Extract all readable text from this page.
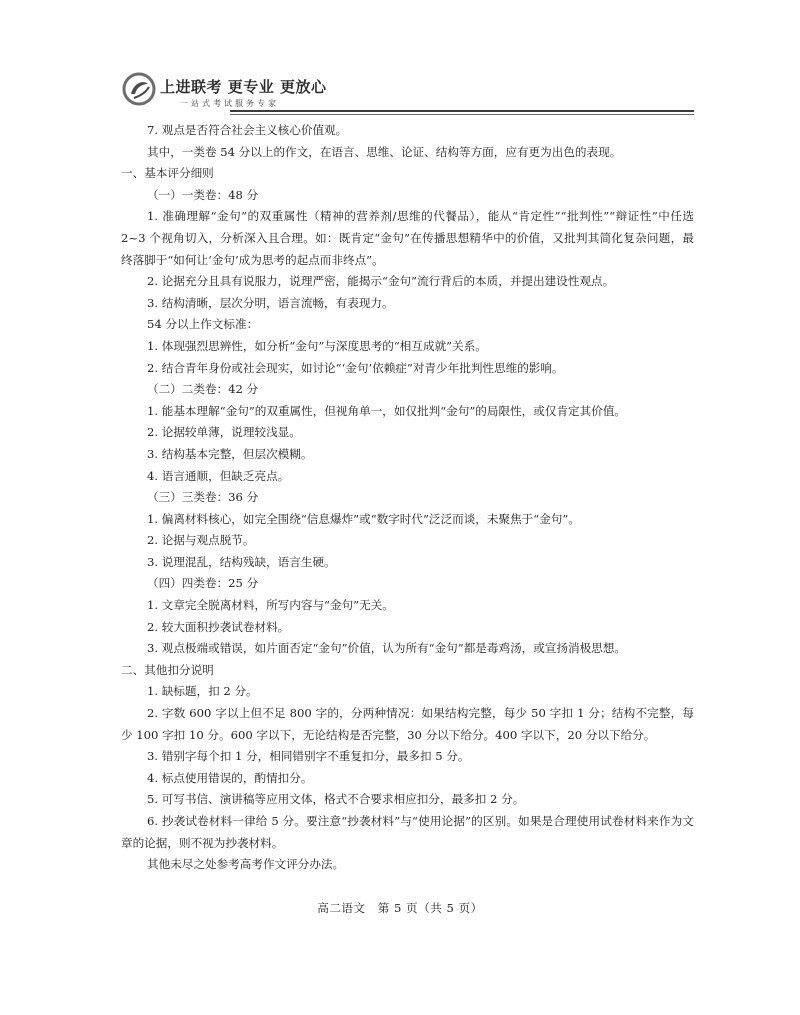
上进联考 更专业 更放心
一站式考试服务专家

7. 观点是否符合社会主义核心价值观。

其中，一类卷 54 分以上的作文，在语言、思维、论证、结构等方面，应有更为出色的表现。

一、基本评分细则

（一）一类卷：48 分

1. 准确理解“金句”的双重属性（精神的营养剂/思维的代餐品），能从“肯定性”“批判性”“辩证性”中任选 2~3 个视角切入，分析深入且合理。如：既肯定“金句”在传播思想精华中的价值，又批判其简化复杂问题，最终落脚于“如何让‘金句’成为思考的起点而非终点”。

2. 论据充分且具有说服力，说理严密，能揭示“金句”流行背后的本质，并提出建设性观点。

3. 结构清晰，层次分明，语言流畅，有表现力。

54 分以上作文标准：

1. 体现强烈思辨性，如分析“金句”与深度思考的“相互成就”关系。

2. 结合青年身份或社会现实，如讨论“‘金句’依赖症”对青少年批判性思维的影响。

（二）二类卷：42 分

1. 能基本理解“金句”的双重属性，但视角单一，如仅批判“金句”的局限性，或仅肯定其价值。

2. 论据较单薄，说理较浅显。

3. 结构基本完整，但层次模糊。

4. 语言通顺，但缺乏亮点。

（三）三类卷：36 分

1. 偏离材料核心，如完全围绕“信息爆炸”或“数字时代”泛泛而谈，未聚焦于“金句”。

2. 论据与观点脱节。

3. 说理混乱，结构残缺，语言生硬。

（四）四类卷：25 分

1. 文章完全脱离材料，所写内容与“金句”无关。

2. 较大面积抄袭试卷材料。

3. 观点极端或错误，如片面否定“金句”价值，认为所有“金句”都是毒鸡汤，或宣扬消极思想。

二、其他扣分说明

1. 缺标题，扣 2 分。

2. 字数 600 字以上但不足 800 字的，分两种情况：如果结构完整，每少 50 字扣 1 分；结构不完整，每少 100 字扣 10 分。600 字以下，无论结构是否完整，30 分以下给分。400 字以下，20 分以下给分。

3. 错别字每个扣 1 分，相同错别字不重复扣分，最多扣 5 分。

4. 标点使用错误的，酌情扣分。

5. 可写书信、演讲稿等应用文体，格式不合要求相应扣分，最多扣 2 分。

6. 抄袭试卷材料一律给 5 分。要注意“抄袭材料”与“使用论据”的区别。如果是合理使用试卷材料来作为文章的论据，则不视为抄袭材料。

其他未尽之处参考高考作文评分办法。

高二语文　第 5 页（共 5 页）
